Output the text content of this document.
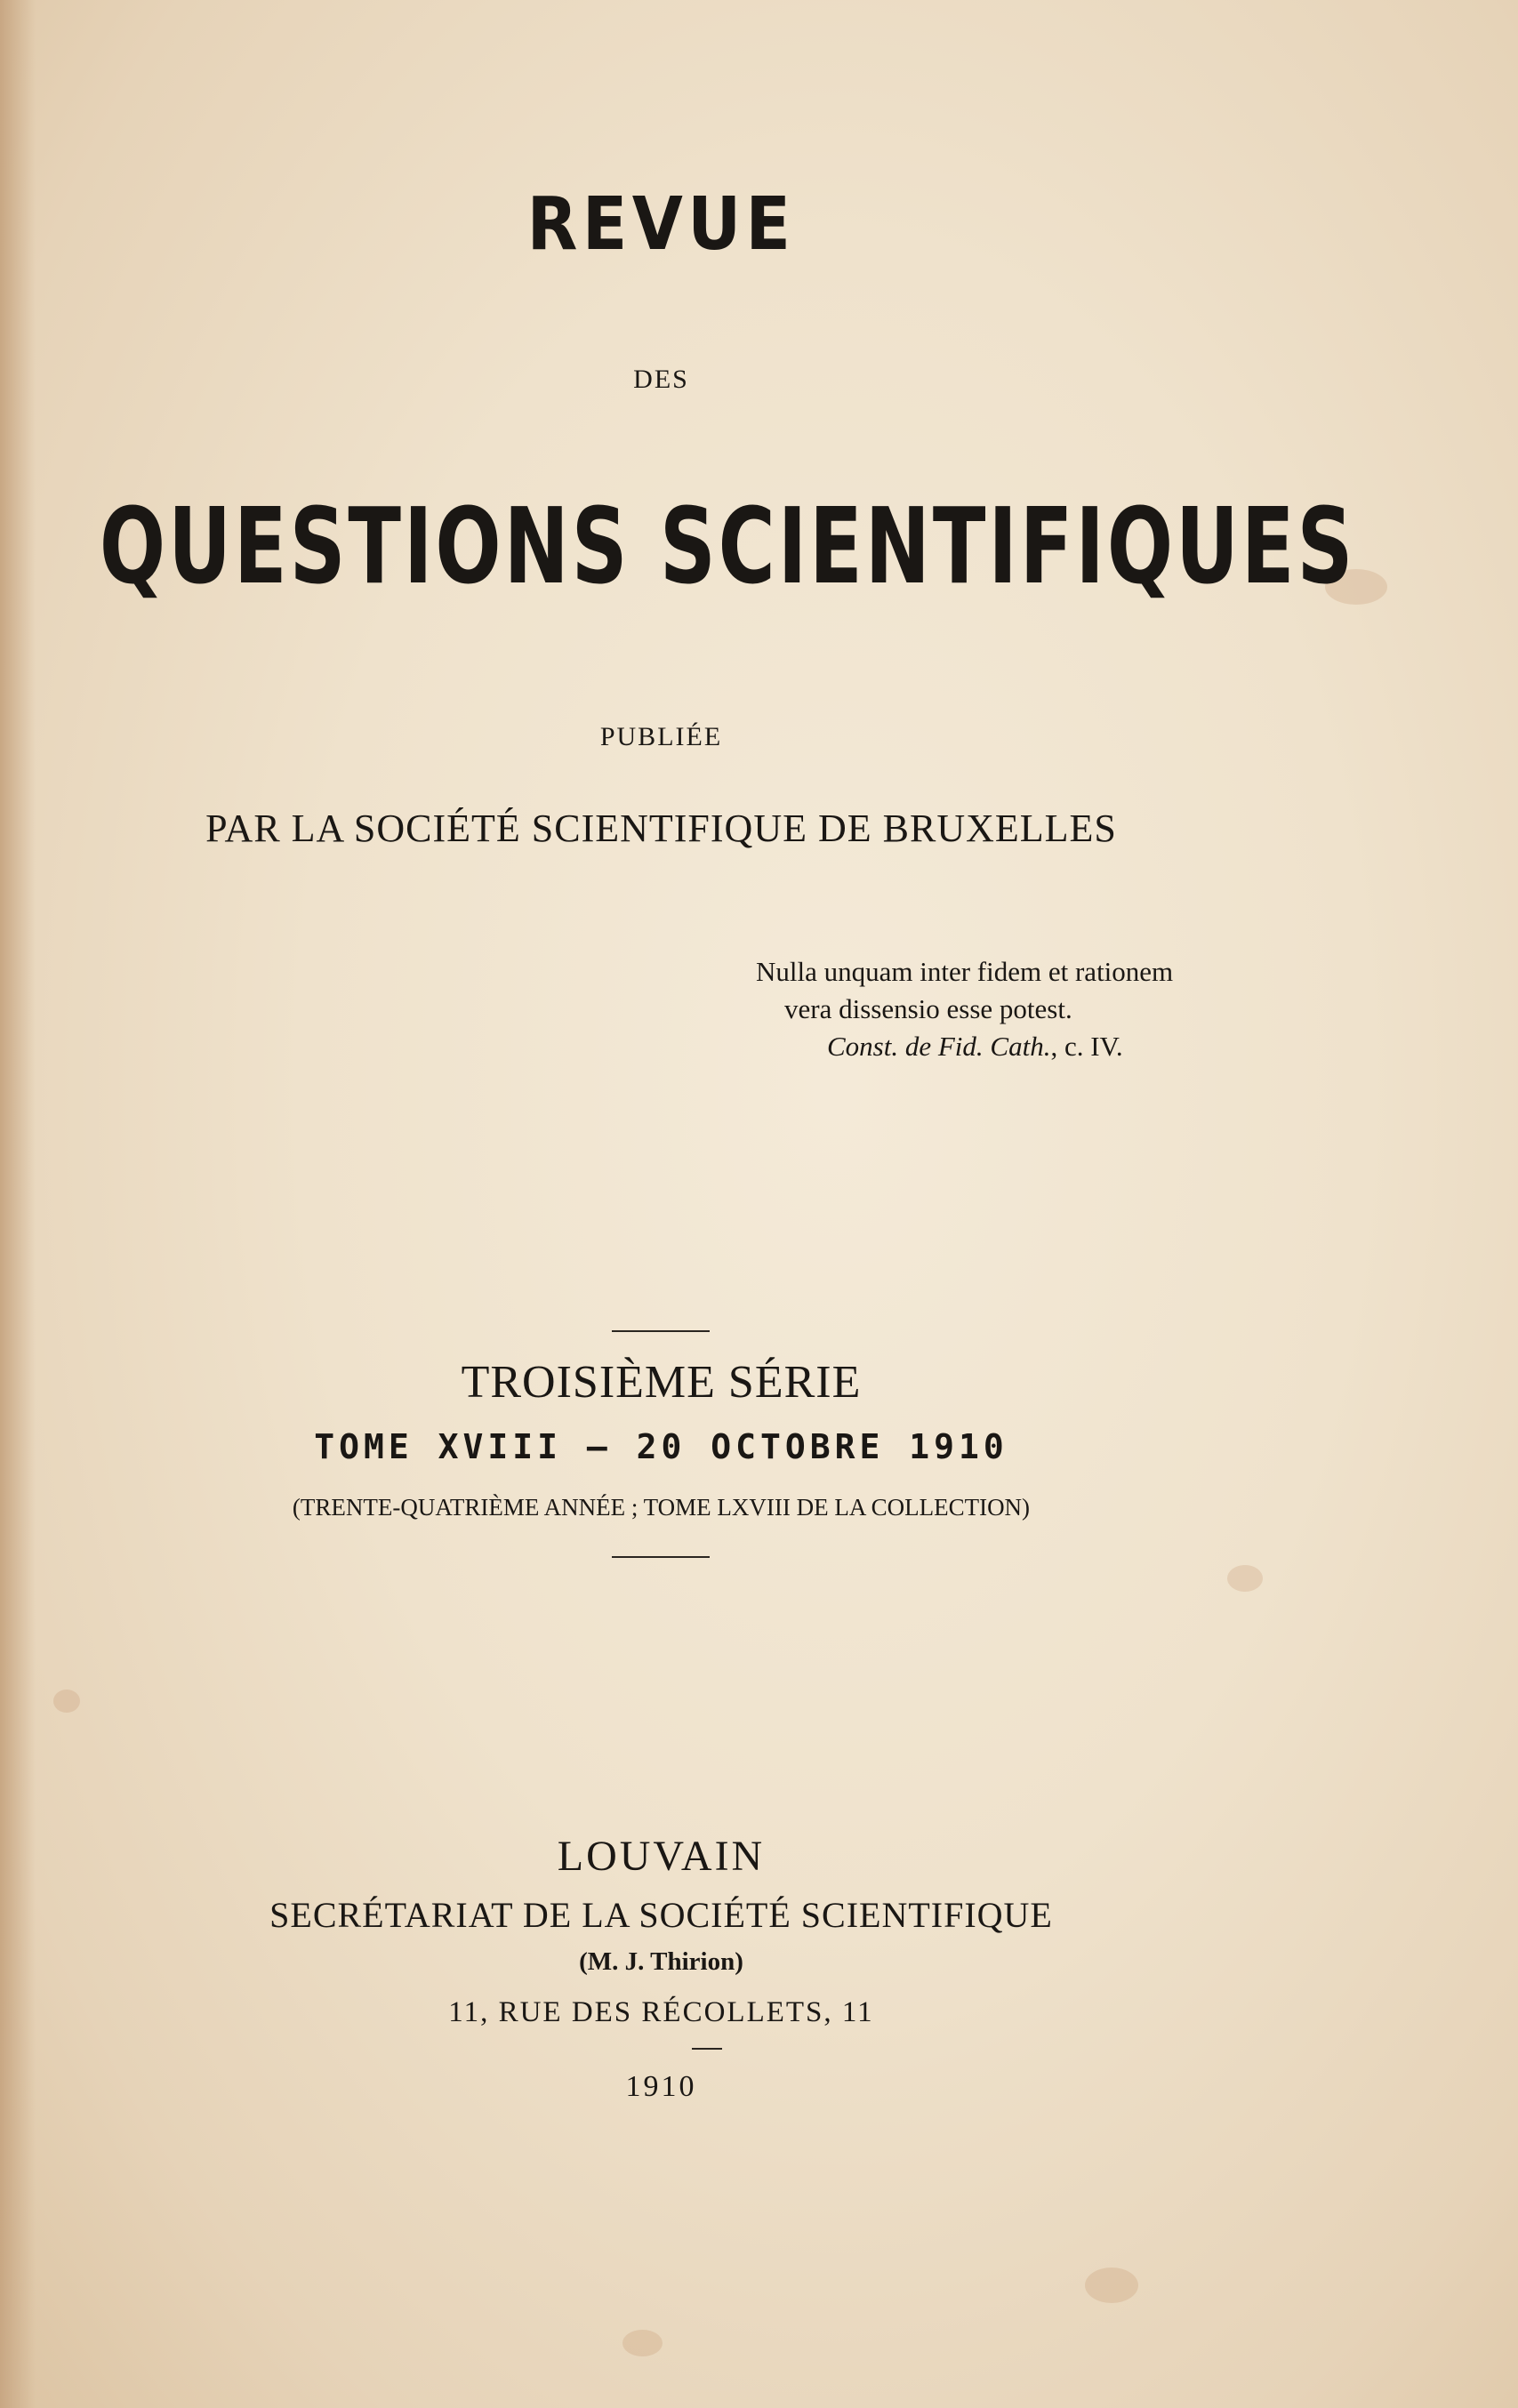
REVUE
DES
QUESTIONS SCIENTIFIQUES
PUBLIÉE
PAR LA SOCIÉTÉ SCIENTIFIQUE DE BRUXELLES
Nulla unquam inter fidem et rationem
vera dissensio esse potest.
Const. de Fid. Cath., c. IV.
TROISIÈME SÉRIE
TOME XVIII — 20 OCTOBRE 1910
(TRENTE-QUATRIÈME ANNÉE ; TOME LXVIII DE LA COLLECTION)
LOUVAIN
SECRÉTARIAT DE LA SOCIÉTÉ SCIENTIFIQUE
(M. J. Thirion)
11, RUE DES RÉCOLLETS, 11
1910
